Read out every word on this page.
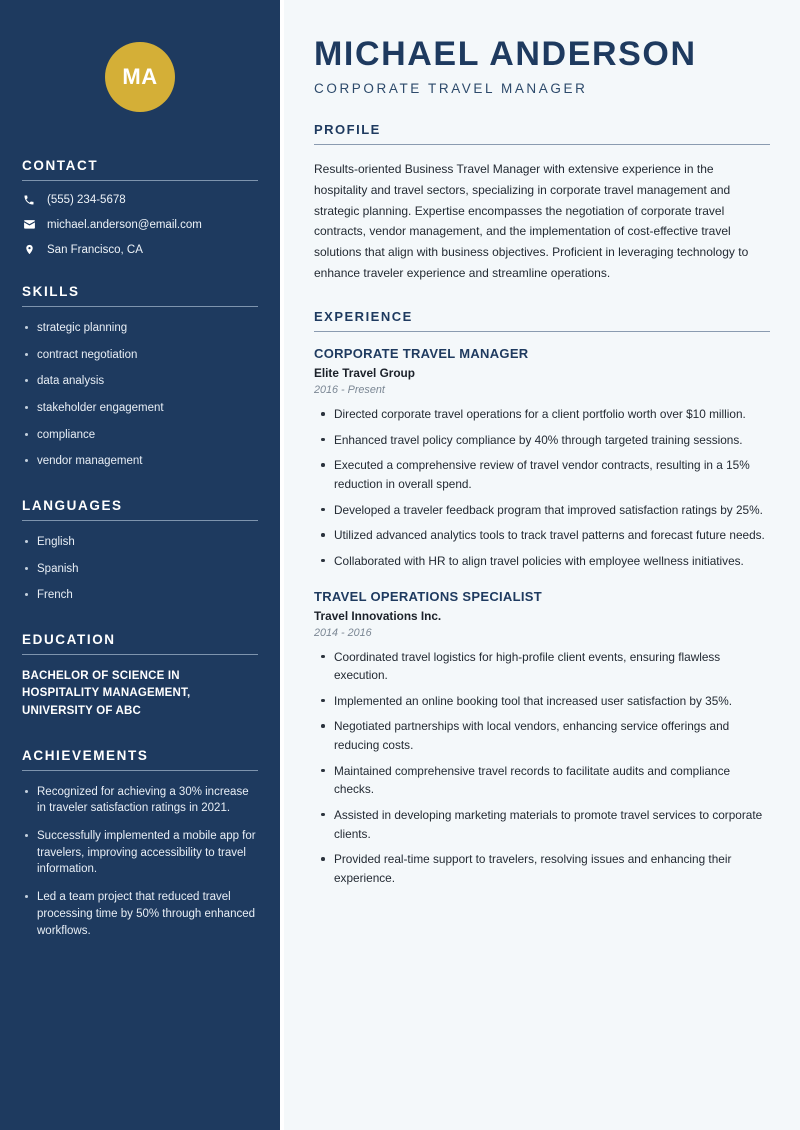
MA
CONTACT
(555) 234-5678
michael.anderson@email.com
San Francisco, CA
SKILLS
strategic planning
contract negotiation
data analysis
stakeholder engagement
compliance
vendor management
LANGUAGES
English
Spanish
French
EDUCATION
BACHELOR OF SCIENCE IN HOSPITALITY MANAGEMENT, UNIVERSITY OF ABC
ACHIEVEMENTS
Recognized for achieving a 30% increase in traveler satisfaction ratings in 2021.
Successfully implemented a mobile app for travelers, improving accessibility to travel information.
Led a team project that reduced travel processing time by 50% through enhanced workflows.
MICHAEL ANDERSON
CORPORATE TRAVEL MANAGER
PROFILE

Results-oriented Business Travel Manager with extensive experience in the hospitality and travel sectors, specializing in corporate travel management and strategic planning. Expertise encompasses the negotiation of corporate travel contracts, vendor management, and the implementation of cost-effective travel solutions that align with business objectives. Proficient in leveraging technology to enhance traveler experience and streamline operations.

EXPERIENCE
CORPORATE TRAVEL MANAGER
Elite Travel Group
2016 - Present
Directed corporate travel operations for a client portfolio worth over $10 million.
Enhanced travel policy compliance by 40% through targeted training sessions.
Executed a comprehensive review of travel vendor contracts, resulting in a 15% reduction in overall spend.
Developed a traveler feedback program that improved satisfaction ratings by 25%.
Utilized advanced analytics tools to track travel patterns and forecast future needs.
Collaborated with HR to align travel policies with employee wellness initiatives.
TRAVEL OPERATIONS SPECIALIST
Travel Innovations Inc.
2014 - 2016
Coordinated travel logistics for high-profile client events, ensuring flawless execution.
Implemented an online booking tool that increased user satisfaction by 35%.
Negotiated partnerships with local vendors, enhancing service offerings and reducing costs.
Maintained comprehensive travel records to facilitate audits and compliance checks.
Assisted in developing marketing materials to promote travel services to corporate clients.
Provided real-time support to travelers, resolving issues and enhancing their experience.
